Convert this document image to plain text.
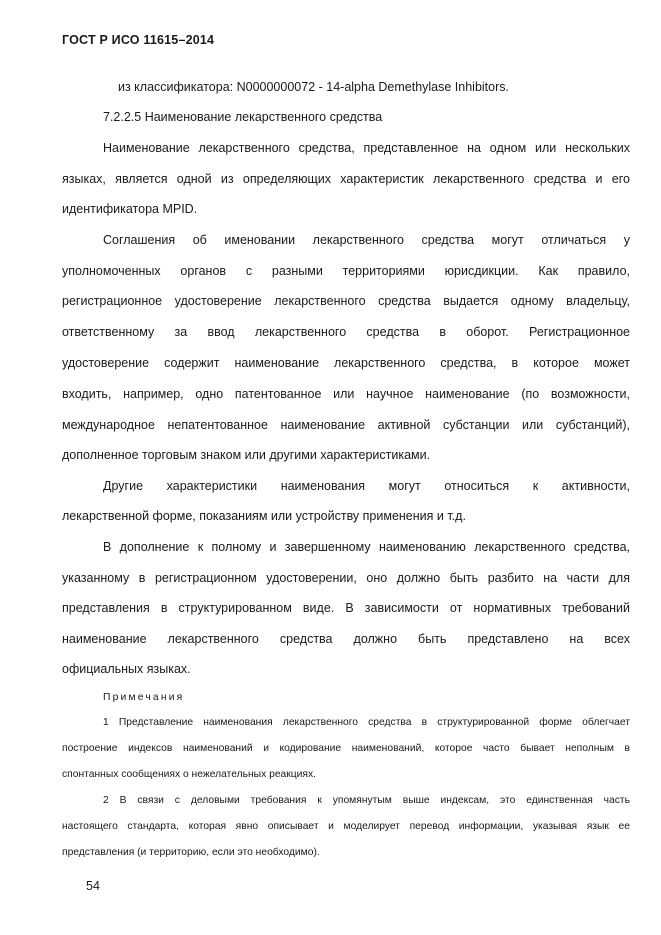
ГОСТ Р ИСО 11615–2014
из классификатора: N0000000072 - 14-alpha Demethylase Inhibitors.
7.2.2.5 Наименование лекарственного средства
Наименование лекарственного средства, представленное на одном или нескольких
языках, является одной из определяющих характеристик лекарственного средства и его
идентификатора MPID.
Соглашения об именовании лекарственного средства могут отличаться у
уполномоченных органов с разными территориями юрисдикции. Как правило,
регистрационное удостоверение лекарственного средства выдается одному владельцу,
ответственному за ввод лекарственного средства в оборот. Регистрационное
удостоверение содержит наименование лекарственного средства, в которое может
входить, например, одно патентованное или научное наименование (по возможности,
международное непатентованное наименование активной субстанции или субстанций),
дополненное торговым знаком или другими характеристиками.
Другие характеристики наименования могут относиться к активности,
лекарственной форме, показаниям или устройству применения и т.д.
В дополнение к полному и завершенному наименованию лекарственного средства,
указанному в регистрационном удостоверении, оно должно быть разбито на части для
представления в структурированном виде. В зависимости от нормативных требований
наименование лекарственного средства должно быть представлено на всех
официальных языках.
Примечания
1 Представление наименования лекарственного средства в структурированной форме облегчает
построение индексов наименований и кодирование наименований, которое часто бывает неполным в
спонтанных сообщениях о нежелательных реакциях.
2 В связи с деловыми требования к упомянутым выше индексам, это единственная часть
настоящего стандарта, которая явно описывает и моделирует перевод информации, указывая язык ее
представления (и территорию, если это необходимо).
54
